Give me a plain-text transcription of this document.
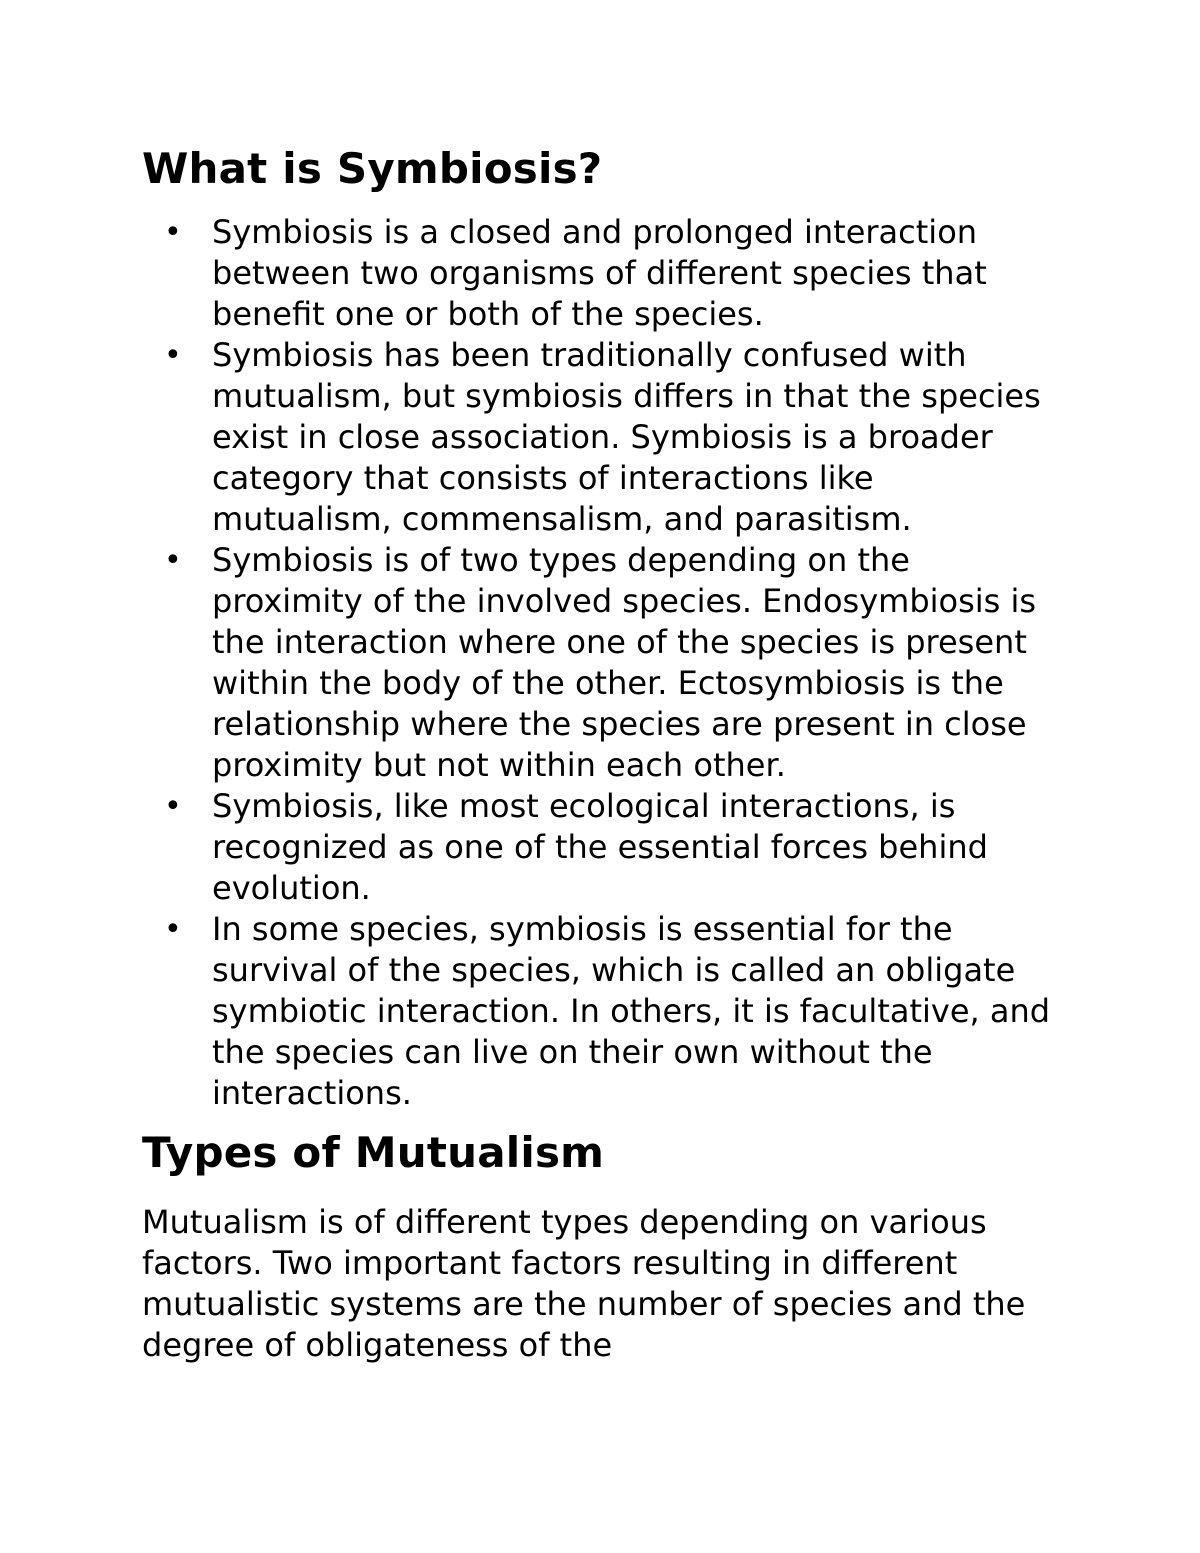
What is Symbiosis?
• Symbiosis is a closed and prolonged interaction between two organisms of different species that benefit one or both of the species.
• Symbiosis has been traditionally confused with mutualism, but symbiosis differs in that the species exist in close association. Symbiosis is a broader category that consists of interactions like mutualism, commensalism, and parasitism.
• Symbiosis is of two types depending on the proximity of the involved species. Endosymbiosis is the interaction where one of the species is present within the body of the other. Ectosymbiosis is the relationship where the species are present in close proximity but not within each other.
• Symbiosis, like most ecological interactions, is recognized as one of the essential forces behind evolution.
• In some species, symbiosis is essential for the survival of the species, which is called an obligate symbiotic interaction. In others, it is facultative, and the species can live on their own without the interactions.
Types of Mutualism

Mutualism is of different types depending on various factors. Two important factors resulting in different mutualistic systems are the number of species and the degree of obligateness of the
